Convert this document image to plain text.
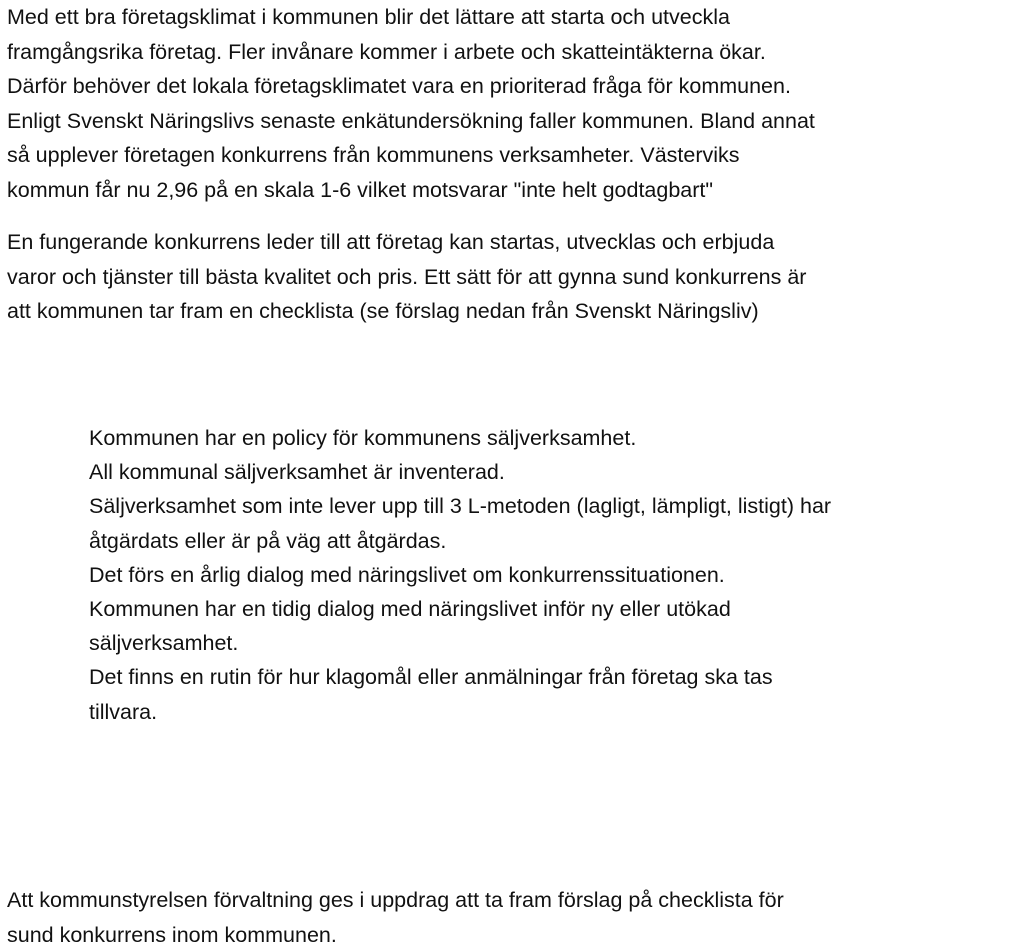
Med ett bra företagsklimat i kommunen blir det lättare att starta och utveckla
framgångsrika företag. Fler invånare kommer i arbete och skatteintäkterna ökar.
Därför behöver det lokala företagsklimatet vara en prioriterad fråga för kommunen.
Enligt Svenskt Näringslivs senaste enkätundersökning faller kommunen. Bland annat
så upplever företagen konkurrens från kommunens verksamheter. Västerviks
kommun får nu 2,96 på en skala 1-6 vilket motsvarar "inte helt godtagbart"

En fungerande konkurrens leder till att företag kan startas, utvecklas och erbjuda
varor och tjänster till bästa kvalitet och pris. Ett sätt för att gynna sund konkurrens är
att kommunen tar fram en checklista (se förslag nedan från Svenskt Näringsliv)

Kommunen har en policy för kommunens säljverksamhet.
All kommunal säljverksamhet är inventerad.
Säljverksamhet som inte lever upp till 3 L-metoden (lagligt, lämpligt, listigt) har
åtgärdats eller är på väg att åtgärdas.
Det förs en årlig dialog med näringslivet om konkurrenssituationen.
Kommunen har en tidig dialog med näringslivet inför ny eller utökad
säljverksamhet.
Det finns en rutin för hur klagomål eller anmälningar från företag ska tas
tillvara.

Att kommunstyrelsen förvaltning ges i uppdrag att ta fram förslag på checklista för
sund konkurrens inom kommunen.
